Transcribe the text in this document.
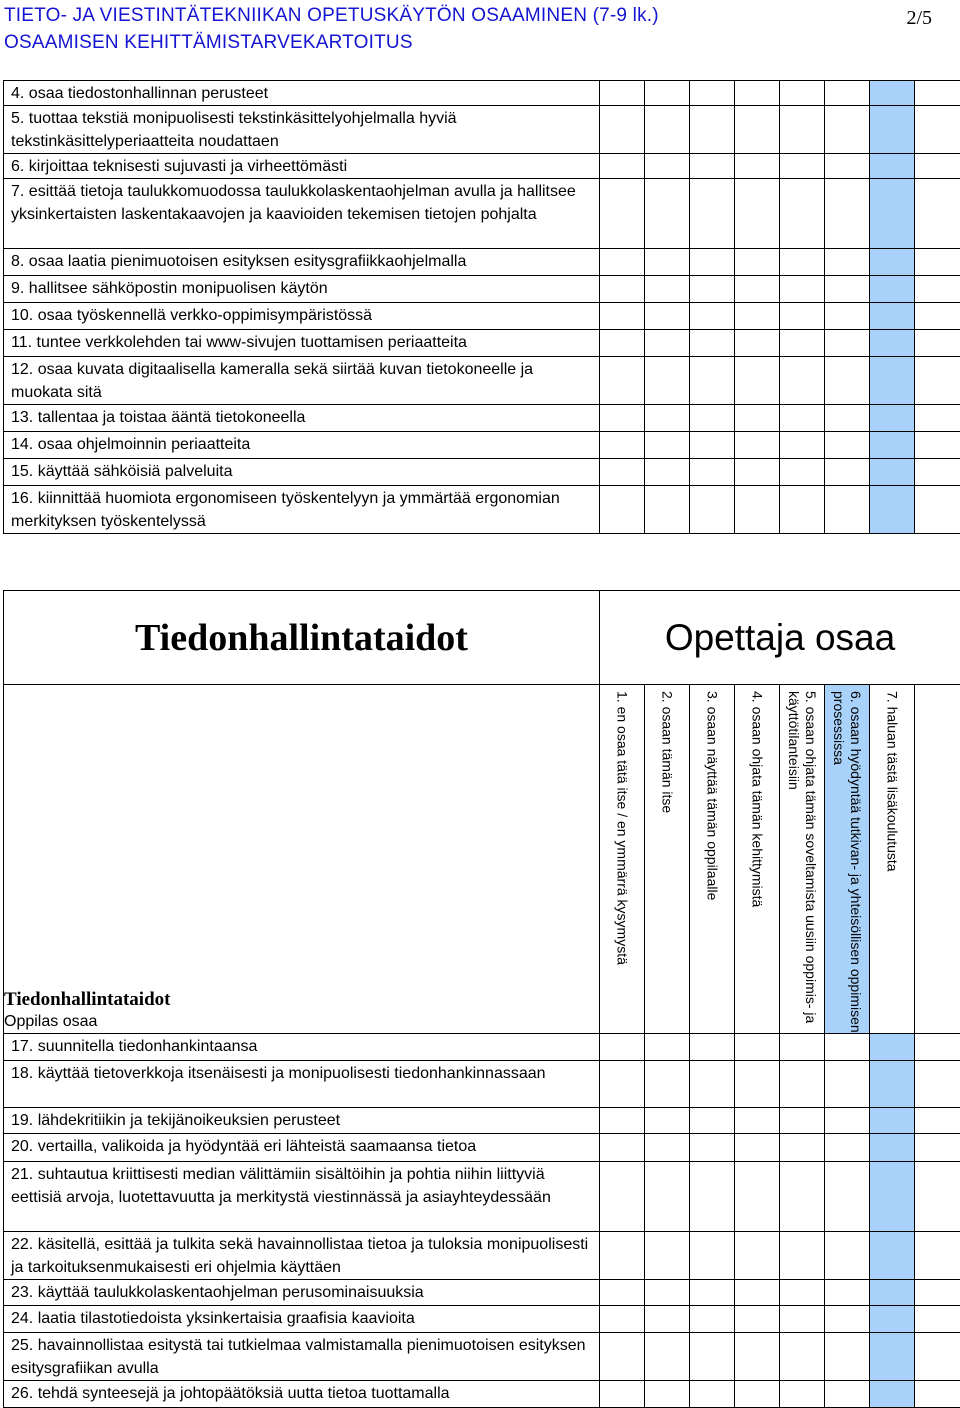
TIETO- JA VIESTINTÄTEKNIIKAN OPETUSKÄYTÖN OSAAMINEN (7-9 lk.)
OSAAMISEN KEHITTÄMISTARVEKARTOITUS
2/5
4. osaa tiedostonhallinnan perusteet								
5. tuottaa tekstiä monipuolisesti tekstinkäsittelyohjelmalla hyviä tekstinkäsittelyperiaatteita noudattaen								
6. kirjoittaa teknisesti sujuvasti ja virheettömästi								
7. esittää tietoja taulukkomuodossa taulukkolaskentaohjelman avulla ja hallitsee yksinkertaisten laskentakaavojen ja kaavioiden tekemisen tietojen pohjalta								
8. osaa laatia pienimuotoisen esityksen esitysgrafiikkaohjelmalla								
9. hallitsee sähköpostin monipuolisen käytön								
10. osaa työskennellä verkko-oppimisympäristössä								
11. tuntee verkkolehden tai www-sivujen tuottamisen periaatteita								
12. osaa kuvata digitaalisella kameralla sekä siirtää kuvan tietokoneelle ja muokata sitä								
13. tallentaa ja toistaa ääntä tietokoneella								
14. osaa ohjelmoinnin periaatteita								
15. käyttää sähköisiä palveluita								
16. kiinnittää huomiota ergonomiseen työskentelyyn ja ymmärtää ergonomian merkityksen työskentelyssä								
Tiedonhallintataidot	Opettaja osaa							

Tiedonhallintataidot
Oppilas osaa	1. en osaa tätä itse / en ymmärrä kysymystä	2. osaan tämän itse	3. osaan näyttää tämän oppilaalle	4. osaan ohjata tämän kehittymistä	5. osaan ohjata tämän soveltamista uusiin oppimis- ja käyttötilanteisiin	6. osaan hyödyntää tutkivan- ja yhteisöllisen oppimisen prosessissa	7. haluan tästä lisäkoulutusta	

17. suunnitella tiedonhankintaansa								
18. käyttää tietoverkkoja itsenäisesti ja monipuolisesti tiedonhankinnassaan								
19. lähdekritiikin ja tekijänoikeuksien perusteet								
20. vertailla, valikoida ja hyödyntää eri lähteistä saamaansa tietoa								
21. suhtautua kriittisesti median välittämiin sisältöihin ja pohtia niihin liittyviä eettisiä arvoja, luotettavuutta ja merkitystä viestinnässä ja asiayhteydessään								
22. käsitellä, esittää ja tulkita sekä havainnollistaa tietoa ja tuloksia monipuolisesti ja tarkoituksenmukaisesti eri ohjelmia käyttäen								
23. käyttää taulukkolaskentaohjelman perusominaisuuksia								
24. laatia tilastotiedoista yksinkertaisia graafisia kaavioita								
25. havainnollistaa esitystä tai tutkielmaa valmistamalla pienimuotoisen esityksen esitysgrafiikan avulla								
26. tehdä synteesejä ja johtopäätöksiä uutta tietoa tuottamalla								
